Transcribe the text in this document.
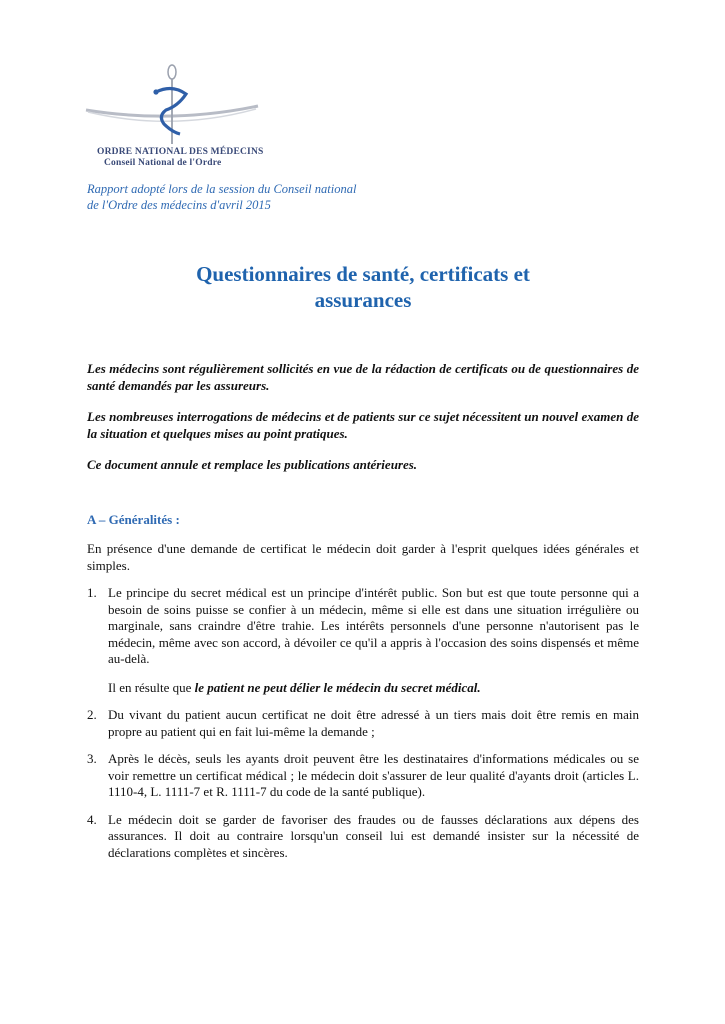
ORDRE NATIONAL DES MÉDECINS
Conseil National de l'Ordre
Rapport adopté lors de la session du Conseil national
de l'Ordre des médecins d'avril 2015
Questionnaires de santé, certificats et
assurances

Les médecins sont régulièrement sollicités en vue de la rédaction de certificats ou de questionnaires de santé demandés par les assureurs.

Les nombreuses interrogations de médecins et de patients sur ce sujet nécessitent un nouvel examen de la situation et quelques mises au point pratiques.

Ce document annule et remplace les publications antérieures.

A – Généralités :

En présence d'une demande de certificat le médecin doit garder à l'esprit quelques idées générales et simples.

1. Le principe du secret médical est un principe d'intérêt public. Son but est que toute personne qui a besoin de soins puisse se confier à un médecin, même si elle est dans une situation irrégulière ou marginale, sans craindre d'être trahie. Les intérêts personnels d'une personne n'autorisent pas le médecin, même avec son accord, à dévoiler ce qu'il a appris à l'occasion des soins dispensés et même au-delà.

Il en résulte que le patient ne peut délier le médecin du secret médical.

2. Du vivant du patient aucun certificat ne doit être adressé à un tiers mais doit être remis en main propre au patient qui en fait lui-même la demande ;

3. Après le décès, seuls les ayants droit peuvent être les destinataires d'informations médicales ou se voir remettre un certificat médical ; le médecin doit s'assurer de leur qualité d'ayants droit (articles L. 1110-4, L. 1111-7 et R. 1111-7 du code de la santé publique).

4. Le médecin doit se garder de favoriser des fraudes ou de fausses déclarations aux dépens des assurances. Il doit au contraire lorsqu'un conseil lui est demandé insister sur la nécessité de déclarations complètes et sincères.
